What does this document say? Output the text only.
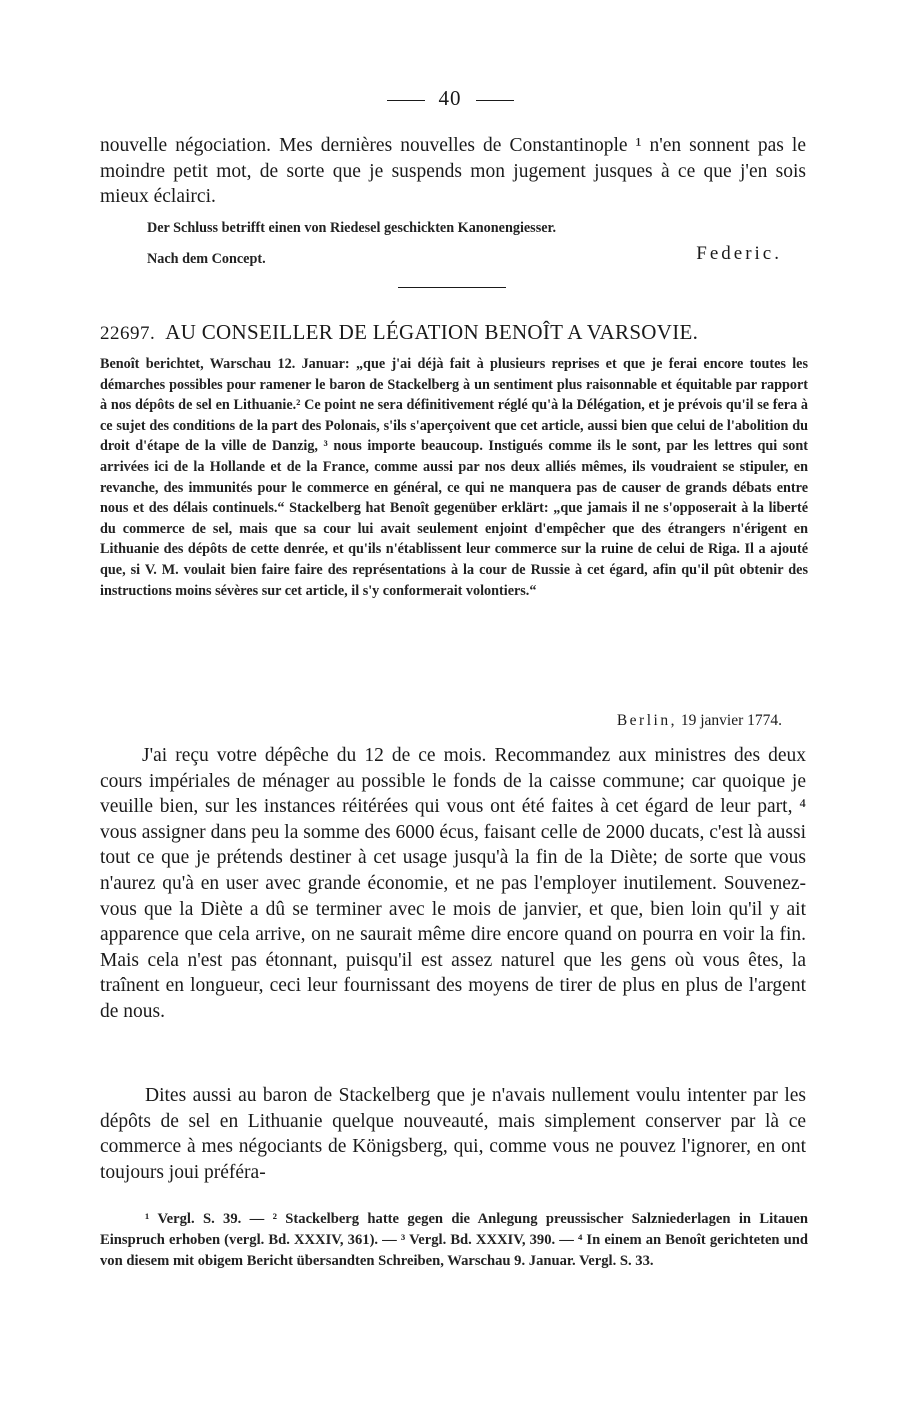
40

nouvelle négociation. Mes dernières nouvelles de Constantinople ¹ n'en sonnent pas le moindre petit mot, de sorte que je suspends mon jugement jusques à ce que j'en sois mieux éclairci.

Der Schluss betrifft einen von Riedesel geschickten Kanonengiesser.
Nach dem Concept.	Federic.
22697. AU CONSEILLER DE LÉGATION BENOÎT A VARSOVIE.

Benoît berichtet, Warschau 12. Januar: „que j'ai déjà fait à plusieurs reprises et que je ferai encore toutes les démarches possibles pour ramener le baron de Stackelberg à un sentiment plus raisonnable et équitable par rapport à nos dépôts de sel en Lithuanie.² Ce point ne sera définitivement réglé qu'à la Délégation, et je prévois qu'il se fera à ce sujet des conditions de la part des Polonais, s'ils s'aperçoivent que cet article, aussi bien que celui de l'abolition du droit d'étape de la ville de Danzig, ³ nous importe beaucoup. Instigués comme ils le sont, par les lettres qui sont arrivées ici de la Hollande et de la France, comme aussi par nos deux alliés mêmes, ils voudraient se stipuler, en revanche, des immunités pour le commerce en général, ce qui ne manquera pas de causer de grands débats entre nous et des délais continuels.“ Stackelberg hat Benoît gegenüber erklärt: „que jamais il ne s'opposerait à la liberté du commerce de sel, mais que sa cour lui avait seulement enjoint d'empêcher que des étrangers n'érigent en Lithuanie des dépôts de cette denrée, et qu'ils n'établissent leur commerce sur la ruine de celui de Riga. Il a ajouté que, si V. M. voulait bien faire faire des représentations à la cour de Russie à cet égard, afin qu'il pût obtenir des instructions moins sévères sur cet article, il s'y conformerait volontiers.“

Berlin, 19 janvier 1774.

J'ai reçu votre dépêche du 12 de ce mois. Recommandez aux ministres des deux cours impériales de ménager au possible le fonds de la caisse commune; car quoique je veuille bien, sur les instances réitérées qui vous ont été faites à cet égard de leur part, ⁴ vous assigner dans peu la somme des 6000 écus, faisant celle de 2000 ducats, c'est là aussi tout ce que je prétends destiner à cet usage jusqu'à la fin de la Diète; de sorte que vous n'aurez qu'à en user avec grande économie, et ne pas l'employer inutilement. Souvenez-vous que la Diète a dû se terminer avec le mois de janvier, et que, bien loin qu'il y ait apparence que cela arrive, on ne saurait même dire encore quand on pourra en voir la fin. Mais cela n'est pas étonnant, puisqu'il est assez naturel que les gens où vous êtes, la traînent en longueur, ceci leur fournissant des moyens de tirer de plus en plus de l'argent de nous.

Dites aussi au baron de Stackelberg que je n'avais nullement voulu intenter par les dépôts de sel en Lithuanie quelque nouveauté, mais simplement conserver par là ce commerce à mes négociants de Königsberg, qui, comme vous ne pouvez l'ignorer, en ont toujours joui préféra-

¹ Vergl. S. 39. — ² Stackelberg hatte gegen die Anlegung preussischer Salzniederlagen in Litauen Einspruch erhoben (vergl. Bd. XXXIV, 361). — ³ Vergl. Bd. XXXIV, 390. — ⁴ In einem an Benoît gerichteten und von diesem mit obigem Bericht übersandten Schreiben, Warschau 9. Januar. Vergl. S. 33.
